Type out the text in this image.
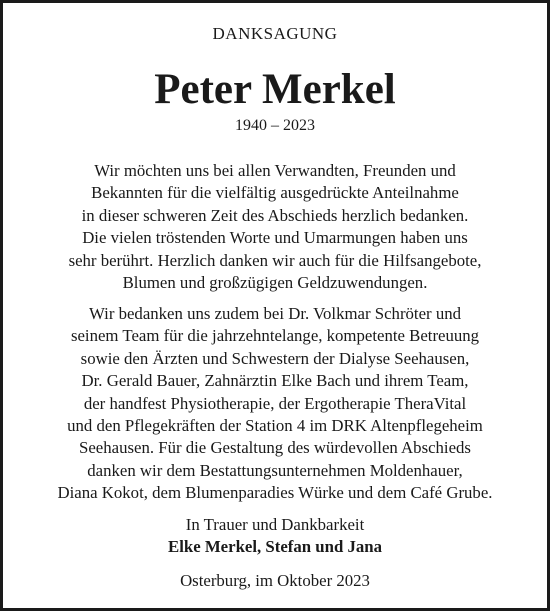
DANKSAGUNG
Peter Merkel
1940 – 2023
Wir möchten uns bei allen Verwandten, Freunden und
Bekannten für die vielfältig ausgedrückte Anteilnahme
in dieser schweren Zeit des Abschieds herzlich bedanken.
Die vielen tröstenden Worte und Umarmungen haben uns
sehr berührt. Herzlich danken wir auch für die Hilfsangebote,
Blumen und großzügigen Geldzuwendungen.
Wir bedanken uns zudem bei Dr. Volkmar Schröter und
seinem Team für die jahrzehntelange, kompetente Betreuung
sowie den Ärzten und Schwestern der Dialyse Seehausen,
Dr. Gerald Bauer, Zahnärztin Elke Bach und ihrem Team,
der handfest Physiotherapie, der Ergotherapie TheraVital
und den Pflegekräften der Station 4 im DRK Altenpflegeheim
Seehausen. Für die Gestaltung des würdevollen Abschieds
danken wir dem Bestattungsunternehmen Moldenhauer,
Diana Kokot, dem Blumenparadies Würke und dem Café Grube.
In Trauer und Dankbarkeit
Elke Merkel, Stefan und Jana
Osterburg, im Oktober 2023
